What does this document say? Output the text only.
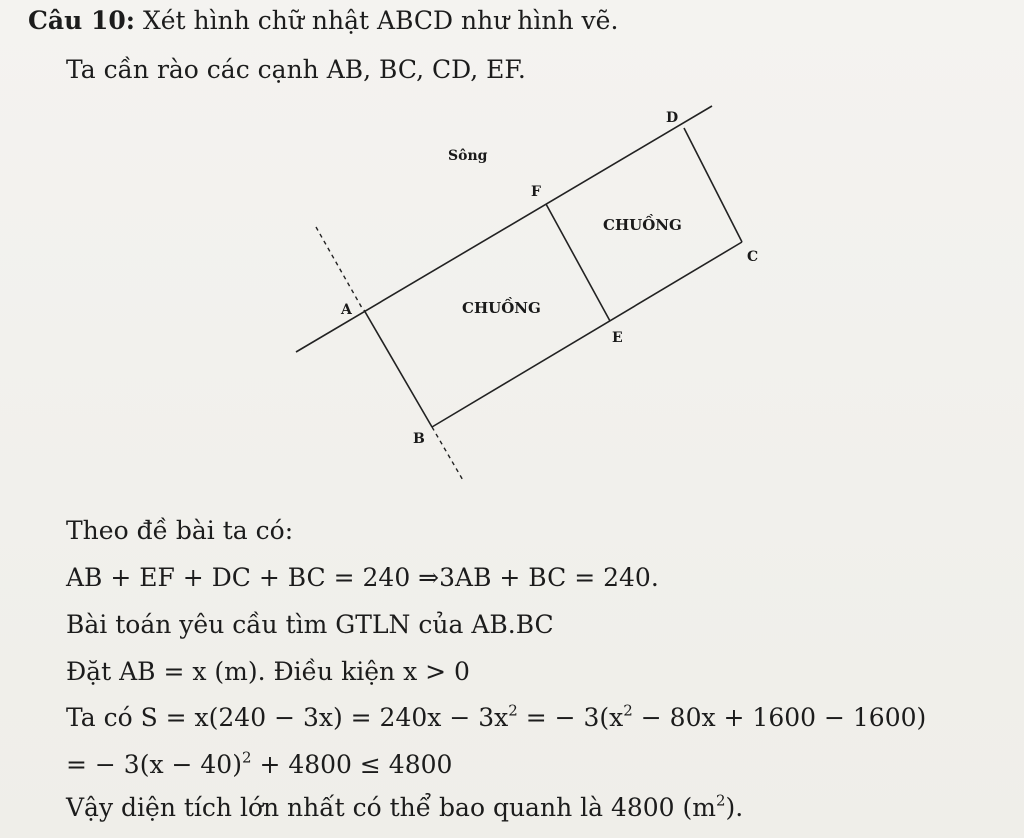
Câu 10: Xét hình chữ nhật ABCD như hình vẽ.
Ta cần rào các cạnh AB, BC, CD, EF.
Sông
CHUỒNG
CHUỒNG
A
B
C
D
E
F
Theo đề bài ta có:
AB + EF + DC + BC = 240 ⇒3AB + BC = 240.
Bài toán yêu cầu tìm GTLN của AB.BC
Đặt AB = x (m). Điều kiện x > 0
Ta có $S = x(240 - 3x) = 240x - 3x^2$ = − $3(x^2 - 80x + 1600 - 1600)$
= − $3(x - 40)^2 + 4800 \le 4800$
Vậy diện tích lớn nhất có thể bao quanh là 4800 $(m^2)$.
